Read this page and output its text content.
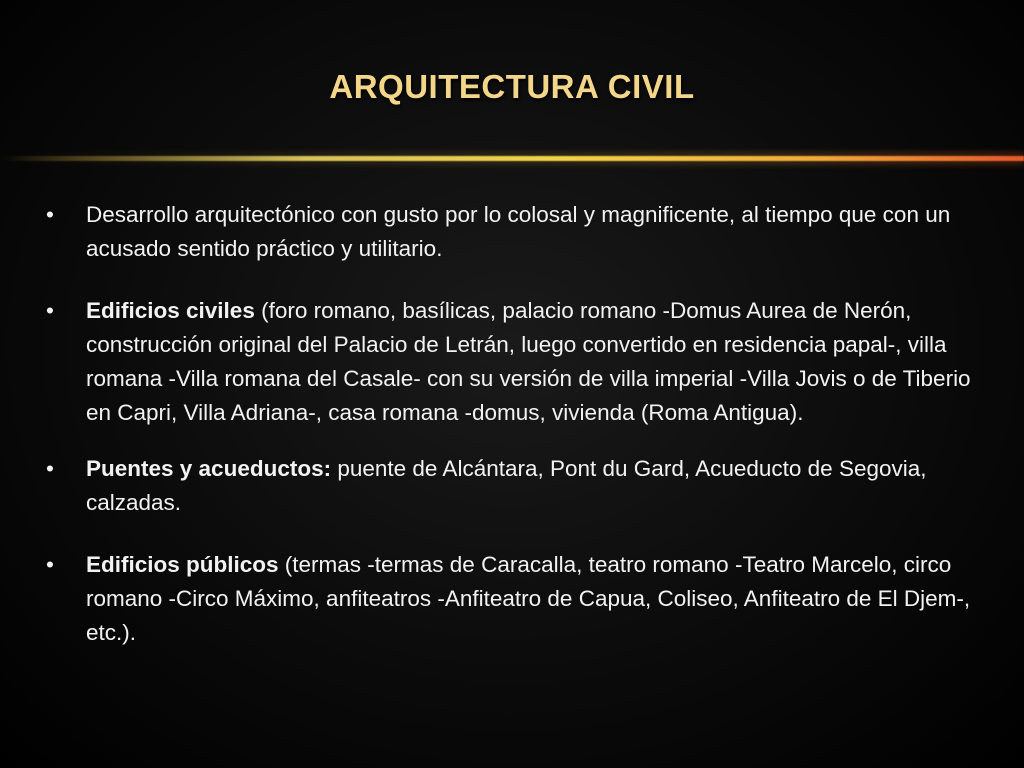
ARQUITECTURA CIVIL
• Desarrollo arquitectónico con gusto por lo colosal y magnificente, al tiempo que con un acusado sentido práctico y utilitario.
• Edificios civiles (foro romano, basílicas, palacio romano -Domus Aurea de Nerón, construcción original del Palacio de Letrán, luego convertido en residencia papal-, villa romana -Villa romana del Casale- con su versión de villa imperial -Villa Jovis o de Tiberio en Capri, Villa Adriana-, casa romana -domus, vivienda (Roma Antigua).
• Puentes y acueductos: puente de Alcántara, Pont du Gard, Acueducto de Segovia, calzadas.
• Edificios públicos (termas -termas de Caracalla, teatro romano -Teatro Marcelo, circo romano -Circo Máximo, anfiteatros -Anfiteatro de Capua, Coliseo, Anfiteatro de El Djem-, etc.).
